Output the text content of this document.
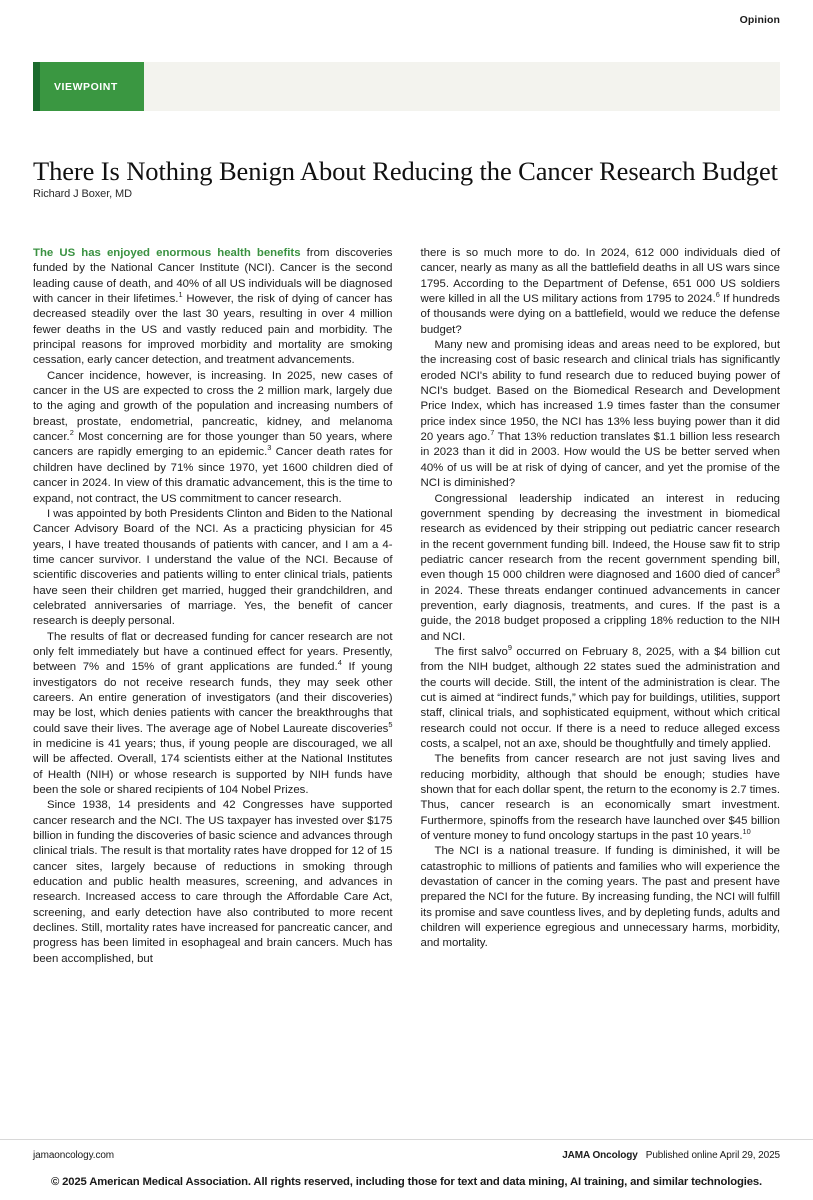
Opinion
VIEWPOINT
There Is Nothing Benign About Reducing the Cancer Research Budget
Richard J Boxer, MD

The US has enjoyed enormous health benefits from discoveries funded by the National Cancer Institute (NCI). Cancer is the second leading cause of death, and 40% of all US individuals will be diagnosed with cancer in their lifetimes.$^1$ However, the risk of dying of cancer has decreased steadily over the last 30 years, resulting in over 4 million fewer deaths in the US and vastly reduced pain and morbidity. The principal reasons for improved morbidity and mortality are smoking cessation, early cancer detection, and treatment advancements.

Cancer incidence, however, is increasing. In 2025, new cases of cancer in the US are expected to cross the 2 million mark, largely due to the aging and growth of the population and increasing numbers of breast, prostate, endometrial, pancreatic, kidney, and melanoma cancer.$^2$ Most concerning are for those younger than 50 years, where cancers are rapidly emerging to an epidemic.$^3$ Cancer death rates for children have declined by 71% since 1970, yet 1600 children died of cancer in 2024. In view of this dramatic advancement, this is the time to expand, not contract, the US commitment to cancer research.

I was appointed by both Presidents Clinton and Biden to the National Cancer Advisory Board of the NCI. As a practicing physician for 45 years, I have treated thousands of patients with cancer, and I am a 4-time cancer survivor. I understand the value of the NCI. Because of scientific discoveries and patients willing to enter clinical trials, patients have seen their children get married, hugged their grandchildren, and celebrated anniversaries of marriage. Yes, the benefit of cancer research is deeply personal.

The results of flat or decreased funding for cancer research are not only felt immediately but have a continued effect for years. Presently, between 7% and 15% of grant applications are funded.$^4$ If young investigators do not receive research funds, they may seek other careers. An entire generation of investigators (and their discoveries) may be lost, which denies patients with cancer the breakthroughs that could save their lives. The average age of Nobel Laureate discoveries$^5$ in medicine is 41 years; thus, if young people are discouraged, we all will be affected. Overall, 174 scientists either at the National Institutes of Health (NIH) or whose research is supported by NIH funds have been the sole or shared recipients of 104 Nobel Prizes.

Since 1938, 14 presidents and 42 Congresses have supported cancer research and the NCI. The US taxpayer has invested over $175 billion in funding the discoveries of basic science and advances through clinical trials. The result is that mortality rates have dropped for 12 of 15 cancer sites, largely because of reductions in smoking through education and public health measures, screening, and advances in research. Increased access to care through the Affordable Care Act, screening, and early detection have also contributed to more recent declines. Still, mortality rates have increased for pancreatic cancer, and progress has been limited in esophageal and brain cancers. Much has been accomplished, but

there is so much more to do. In 2024, 612 000 individuals died of cancer, nearly as many as all the battlefield deaths in all US wars since 1795. According to the Department of Defense, 651 000 US soldiers were killed in all the US military actions from 1795 to 2024.$^6$ If hundreds of thousands were dying on a battlefield, would we reduce the defense budget?

Many new and promising ideas and areas need to be explored, but the increasing cost of basic research and clinical trials has significantly eroded NCI's ability to fund research due to reduced buying power of NCI's budget. Based on the Biomedical Research and Development Price Index, which has increased 1.9 times faster than the consumer price index since 1950, the NCI has 13% less buying power than it did 20 years ago.$^7$ That 13% reduction translates $1.1 billion less research in 2023 than it did in 2003. How would the US be better served when 40% of us will be at risk of dying of cancer, and yet the promise of the NCI is diminished?

Congressional leadership indicated an interest in reducing government spending by decreasing the investment in biomedical research as evidenced by their stripping out pediatric cancer research in the recent government funding bill. Indeed, the House saw fit to strip pediatric cancer research from the recent government spending bill, even though 15 000 children were diagnosed and 1600 died of cancer$^8$ in 2024. These threats endanger continued advancements in cancer prevention, early diagnosis, treatments, and cures. If the past is a guide, the 2018 budget proposed a crippling 18% reduction to the NIH and NCI.

The first salvo$^9$ occurred on February 8, 2025, with a $4 billion cut from the NIH budget, although 22 states sued the administration and the courts will decide. Still, the intent of the administration is clear. The cut is aimed at “indirect funds,” which pay for buildings, utilities, support staff, clinical trials, and sophisticated equipment, without which critical research could not occur. If there is a need to reduce alleged excess costs, a scalpel, not an axe, should be thoughtfully and timely applied.

The benefits from cancer research are not just saving lives and reducing morbidity, although that should be enough; studies have shown that for each dollar spent, the return to the economy is 2.7 times. Thus, cancer research is an economically smart investment. Furthermore, spinoffs from the research have launched over $45 billion of venture money to fund oncology startups in the past 10 years.$^{10}$

The NCI is a national treasure. If funding is diminished, it will be catastrophic to millions of patients and families who will experience the devastation of cancer in the coming years. The past and present have prepared the NCI for the future. By increasing funding, the NCI will fulfill its promise and save countless lives, and by depleting funds, adults and children will experience egregious and unnecessary harms, morbidity, and mortality.

jamaoncology.com	JAMA Oncology Published online April 29, 2025
© 2025 American Medical Association. All rights reserved, including those for text and data mining, AI training, and similar technologies.
